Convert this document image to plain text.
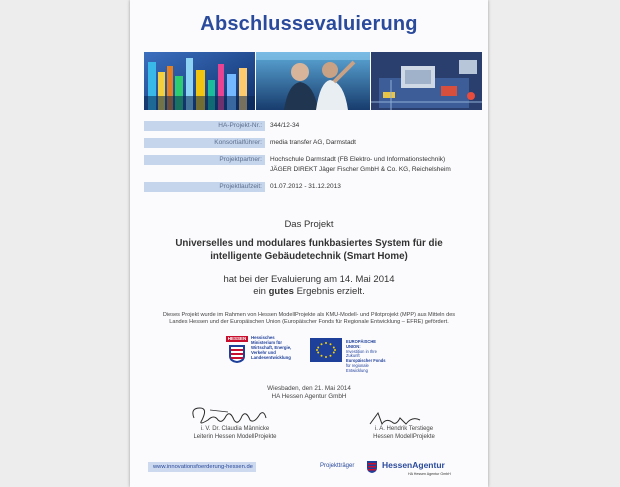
Abschlussevaluierung
HA-Projekt-Nr.:	344/12-34
Konsortialführer:	media transfer AG, Darmstadt
Projektpartner:	Hochschule Darmstadt (FB Elektro- und Informationstechnik)
JÄGER DIREKT Jäger Fischer GmbH & Co. KG, Reichelsheim
Projektlaufzeit:	01.07.2012 - 31.12.2013
Das Projekt
Universelles und modulares funkbasiertes System für die
intelligente Gebäudetechnik (Smart Home)
hat bei der Evaluierung am 14. Mai 2014
ein gutes Ergebnis erzielt.
Dieses Projekt wurde im Rahmen von Hessen ModellProjekte als KMU-Modell- und Pilotprojekt (MPP) aus Mitteln des
Landes Hessen und der Europäischen Union (Europäischer Fonds für Regionale Entwicklung – EFRE) gefördert.
HESSEN	Hessisches
Ministerium für
Wirtschaft, Energie,
Verkehr und
Landesentwicklung
EUROPÄISCHE UNION:
Investition in Ihre Zukunft
Europäischer Fonds
für regionale Entwicklung
Wiesbaden, den 21. Mai 2014
HA Hessen Agentur GmbH
i. V. Dr. Claudia Männicke
Leiterin Hessen ModellProjekte
i. A. Hendrik Terstiege
Hessen ModellProjekte
www.innovationsfoerderung-hessen.de	Projektträger	HessenAgentur
HA Hessen Agentur GmbH
